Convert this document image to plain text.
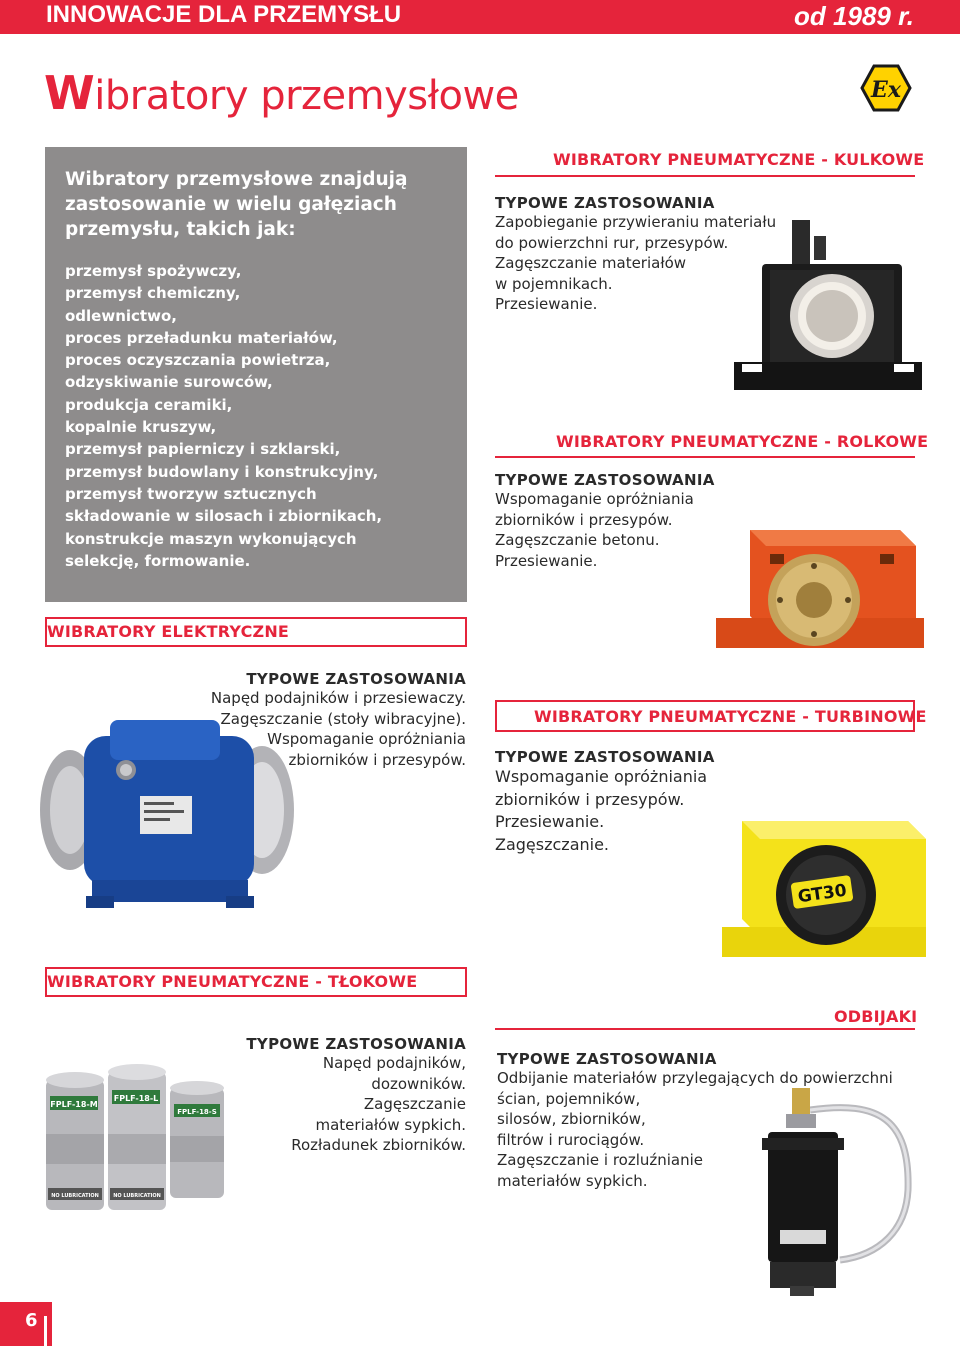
INNOWACJE DLA PRZEMYSŁU	od 1989 r.
Wibratory przemysłowe	Ex
Wibratory przemysłowe znajdują zastosowanie w wielu gałęziach przemysłu, takich jak:
przemysł spożywczy,
przemysł chemiczny,
odlewnictwo,
proces przeładunku materiałów,
proces oczyszczania powietrza,
odzyskiwanie surowców,
produkcja ceramiki,
kopalnie kruszyw,
przemysł papierniczy i szklarski,
przemysł budowlany i konstrukcyjny,
przemysł tworzyw sztucznych
składowanie w silosach i zbiornikach,
konstrukcje maszyn wykonujących
selekcję, formowanie.
WIBRATORY PNEUMATYCZNE - KULKOWE
TYPOWE ZASTOSOWANIA
Zapobieganie przywieraniu materiału
do powierzchni rur, przesypów.
Zagęszczanie materiałów
w pojemnikach.
Przesiewanie.
WIBRATORY PNEUMATYCZNE - ROLKOWE
TYPOWE ZASTOSOWANIA
Wspomaganie opróżniania
zbiorników i przesypów.
Zagęszczanie betonu.
Przesiewanie.
WIBRATORY ELEKTRYCZNE
TYPOWE ZASTOSOWANIA
Napęd podajników i przesiewaczy.
Zagęszczanie (stoły wibracyjne).
Wspomaganie opróżniania
zbiorników i przesypów.
WIBRATORY PNEUMATYCZNE - TURBINOWE
TYPOWE ZASTOSOWANIA
Wspomaganie opróżniania
zbiorników i przesypów.
Przesiewanie.
Zagęszczanie.
GT30
WIBRATORY PNEUMATYCZNE - TŁOKOWE
TYPOWE ZASTOSOWANIA
Napęd podajników,
dozowników.
Zagęszczanie
materiałów sypkich.
Rozładunek zbiorników.
FPLF-18-M
NO LUBRICATION
FPLF-18-L
NO LUBRICATION
FPLF-18-S
ODBIJAKI
TYPOWE ZASTOSOWANIA
Odbijanie materiałów przylegających do powierzchni
ścian, pojemników,
silosów, zbiorników,
filtrów i rurociągów.
Zagęszczanie i rozluźnianie
materiałów sypkich.
6
